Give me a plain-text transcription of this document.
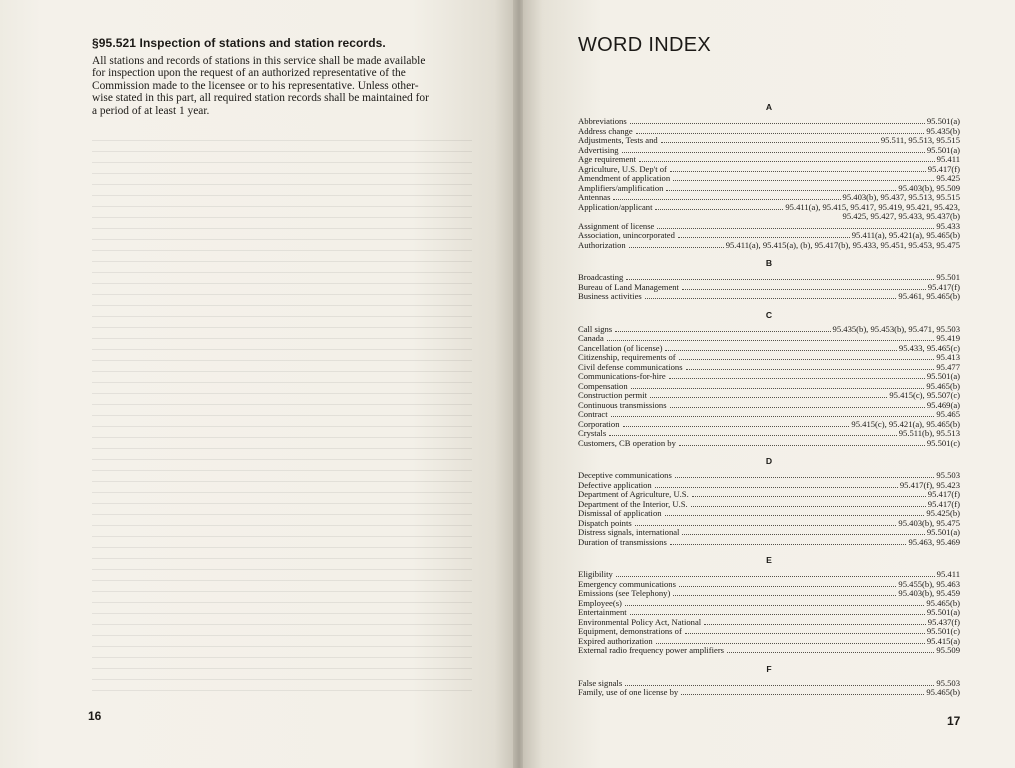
§95.521 Inspection of stations and station records.
All stations and records of stations in this service shall be made available
for inspection upon the request of an authorized representative of the
Commission made to the licensee or to his representative. Unless other-
wise stated in this part, all required station records shall be maintained for
a period of at least 1 year.
16
WORD INDEX
A
Abbreviations	95.501(a)
Address change	95.435(b)
Adjustments, Tests and	95.511, 95.513, 95.515
Advertising	95.501(a)
Age requirement	95.411
Agriculture, U.S. Dep't of	95.417(f)
Amendment of application	95.425
Amplifiers/amplification	95.403(b), 95.509
Antennas	95.403(b), 95.437, 95.513, 95.515
Application/applicant	95.411(a), 95.415, 95.417, 95.419, 95.421, 95.423,
95.425, 95.427, 95.433, 95.437(b)
Assignment of license	95.433
Association, unincorporated	95.411(a), 95.421(a), 95.465(b)
Authorization	95.411(a), 95.415(a), (b), 95.417(b), 95.433, 95.451, 95.453, 95.475
B
Broadcasting	95.501
Bureau of Land Management	95.417(f)
Business activities	95.461, 95.465(b)
C
Call signs	95.435(b), 95.453(b), 95.471, 95.503
Canada	95.419
Cancellation (of license)	95.433, 95.465(c)
Citizenship, requirements of	95.413
Civil defense communications	95.477
Communications-for-hire	95.501(a)
Compensation	95.465(b)
Construction permit	95.415(c), 95.507(c)
Continuous transmissions	95.469(a)
Contract	95.465
Corporation	95.415(c), 95.421(a), 95.465(b)
Crystals	95.511(b), 95.513
Customers, CB operation by	95.501(c)
D
Deceptive communications	95.503
Defective application	95.417(f), 95.423
Department of Agriculture, U.S.	95.417(f)
Department of the Interior, U.S.	95.417(f)
Dismissal of application	95.425(b)
Dispatch points	95.403(b), 95.475
Distress signals, international	95.501(a)
Duration of transmissions	95.463, 95.469
E
Eligibility	95.411
Emergency communications	95.455(b), 95.463
Emissions (see Telephony)	95.403(b), 95.459
Employee(s)	95.465(b)
Entertainment	95.501(a)
Environmental Policy Act, National	95.437(f)
Equipment, demonstrations of	95.501(c)
Expired authorization	95.415(a)
External radio frequency power amplifiers	95.509
F
False signals	95.503
Family, use of one license by	95.465(b)
17
